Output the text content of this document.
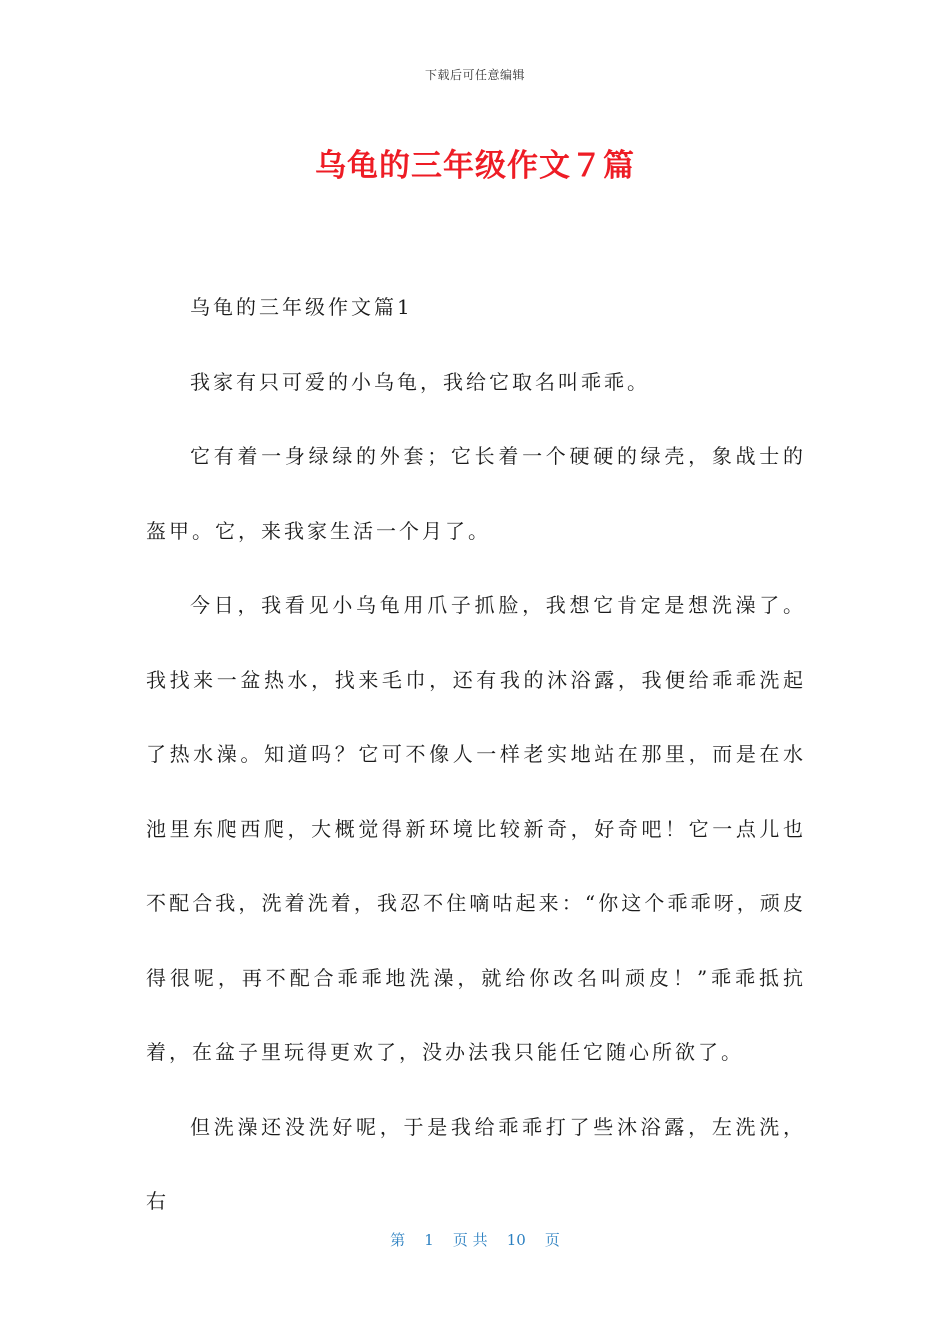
下载后可任意编辑
乌龟的三年级作文７篇

乌龟的三年级作文篇1

我家有只可爱的小乌龟，我给它取名叫乖乖。

它有着一身绿绿的外套；它长着一个硬硬的绿壳，象战士的盔甲。它，来我家生活一个月了。

今日，我看见小乌龟用爪子抓脸，我想它肯定是想洗澡了。我找来一盆热水，找来毛巾，还有我的沐浴露，我便给乖乖洗起了热水澡。知道吗？它可不像人一样老实地站在那里，而是在水池里东爬西爬，大概觉得新环境比较新奇，好奇吧！它一点儿也不配合我，洗着洗着，我忍不住嘀咕起来：“你这个乖乖呀，顽皮得很呢，再不配合乖乖地洗澡，就给你改名叫顽皮！”乖乖抵抗着，在盆子里玩得更欢了，没办法我只能任它随心所欲了。

但洗澡还没洗好呢，于是我给乖乖打了些沐浴露，左洗洗，右

第 1 页 共 10 页
